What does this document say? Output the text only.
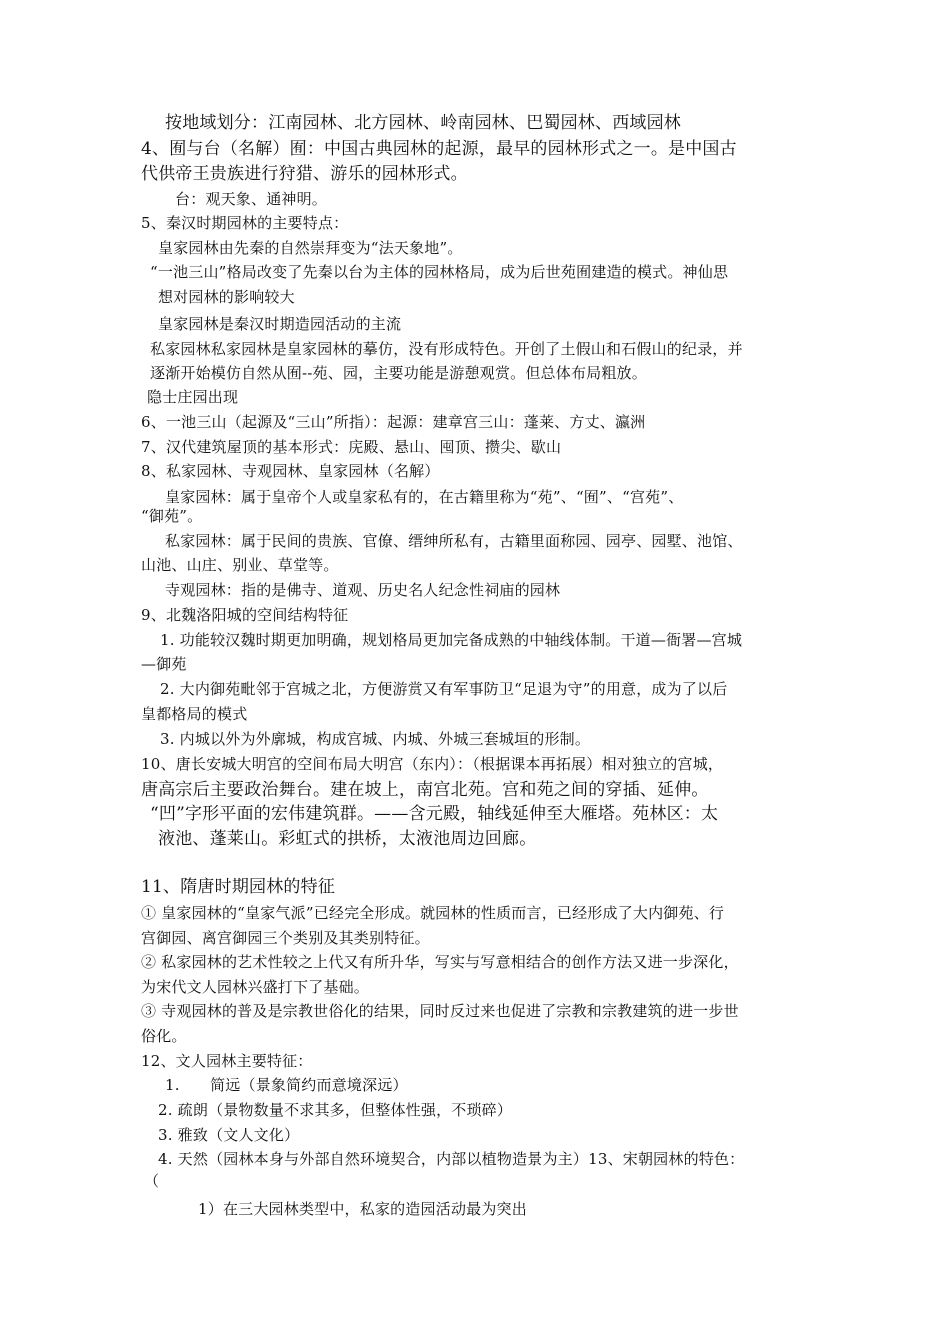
按地域划分：江南园林、北方园林、岭南园林、巴蜀园林、西域园林
4、囿与台（名解）囿：中国古典园林的起源，最早的园林形式之一。是中国古
代供帝王贵族进行狩猎、游乐的园林形式。
台：观天象、通神明。
5、秦汉时期园林的主要特点：
皇家园林由先秦的自然崇拜变为“法天象地”。
“一池三山”格局改变了先秦以台为主体的园林格局，成为后世苑囿建造的模式。神仙思
想对园林的影响较大
皇家园林是秦汉时期造园活动的主流
私家园林私家园林是皇家园林的摹仿，没有形成特色。开创了土假山和石假山的纪录，并
逐渐开始模仿自然从囿--苑、园，主要功能是游憩观赏。但总体布局粗放。
隐士庄园出现
6、一池三山（起源及“三山”所指）：起源：建章宫三山：蓬莱、方丈、瀛洲
7、汉代建筑屋顶的基本形式：庑殿、悬山、囤顶、攒尖、歇山
8、私家园林、寺观园林、皇家园林（名解）
皇家园林：属于皇帝个人或皇家私有的，在古籍里称为“苑”、“囿”、“宫苑”、
“御苑”。
私家园林：属于民间的贵族、官僚、缙绅所私有，古籍里面称园、园亭、园墅、池馆、
山池、山庄、别业、草堂等。
寺观园林：指的是佛寺、道观、历史名人纪念性祠庙的园林
9、北魏洛阳城的空间结构特征
1. 功能较汉魏时期更加明确，规划格局更加完备成熟的中轴线体制。干道—衙署—宫城
—御苑
2. 大内御苑毗邻于宫城之北，方便游赏又有军事防卫“足退为守”的用意，成为了以后
皇都格局的模式
3. 内城以外为外廓城，构成宫城、内城、外城三套城垣的形制。
10、唐长安城大明宫的空间布局大明宫（东内）：（根据课本再拓展）相对独立的宫城，
唐高宗后主要政治舞台。建在坡上，南宫北苑。宫和苑之间的穿插、延伸。
“凹”字形平面的宏伟建筑群。——含元殿，轴线延伸至大雁塔。苑林区：太
液池、蓬莱山。彩虹式的拱桥，太液池周边回廊。
11、隋唐时期园林的特征
① 皇家园林的“皇家气派”已经完全形成。就园林的性质而言，已经形成了大内御苑、行
宫御园、离宫御园三个类别及其类别特征。
② 私家园林的艺术性较之上代又有所升华，写实与写意相结合的创作方法又进一步深化，
为宋代文人园林兴盛打下了基础。
③ 寺观园林的普及是宗教世俗化的结果，同时反过来也促进了宗教和宗教建筑的进一步世
俗化。
12、文人园林主要特征：
1.　　简远（景象简约而意境深远）
2. 疏朗（景物数量不求其多，但整体性强，不琐碎）
3. 雅致（文人文化）
4. 天然（园林本身与外部自然环境契合，内部以植物造景为主）13、宋朝园林的特色：
（
1）在三大园林类型中，私家的造园活动最为突出
